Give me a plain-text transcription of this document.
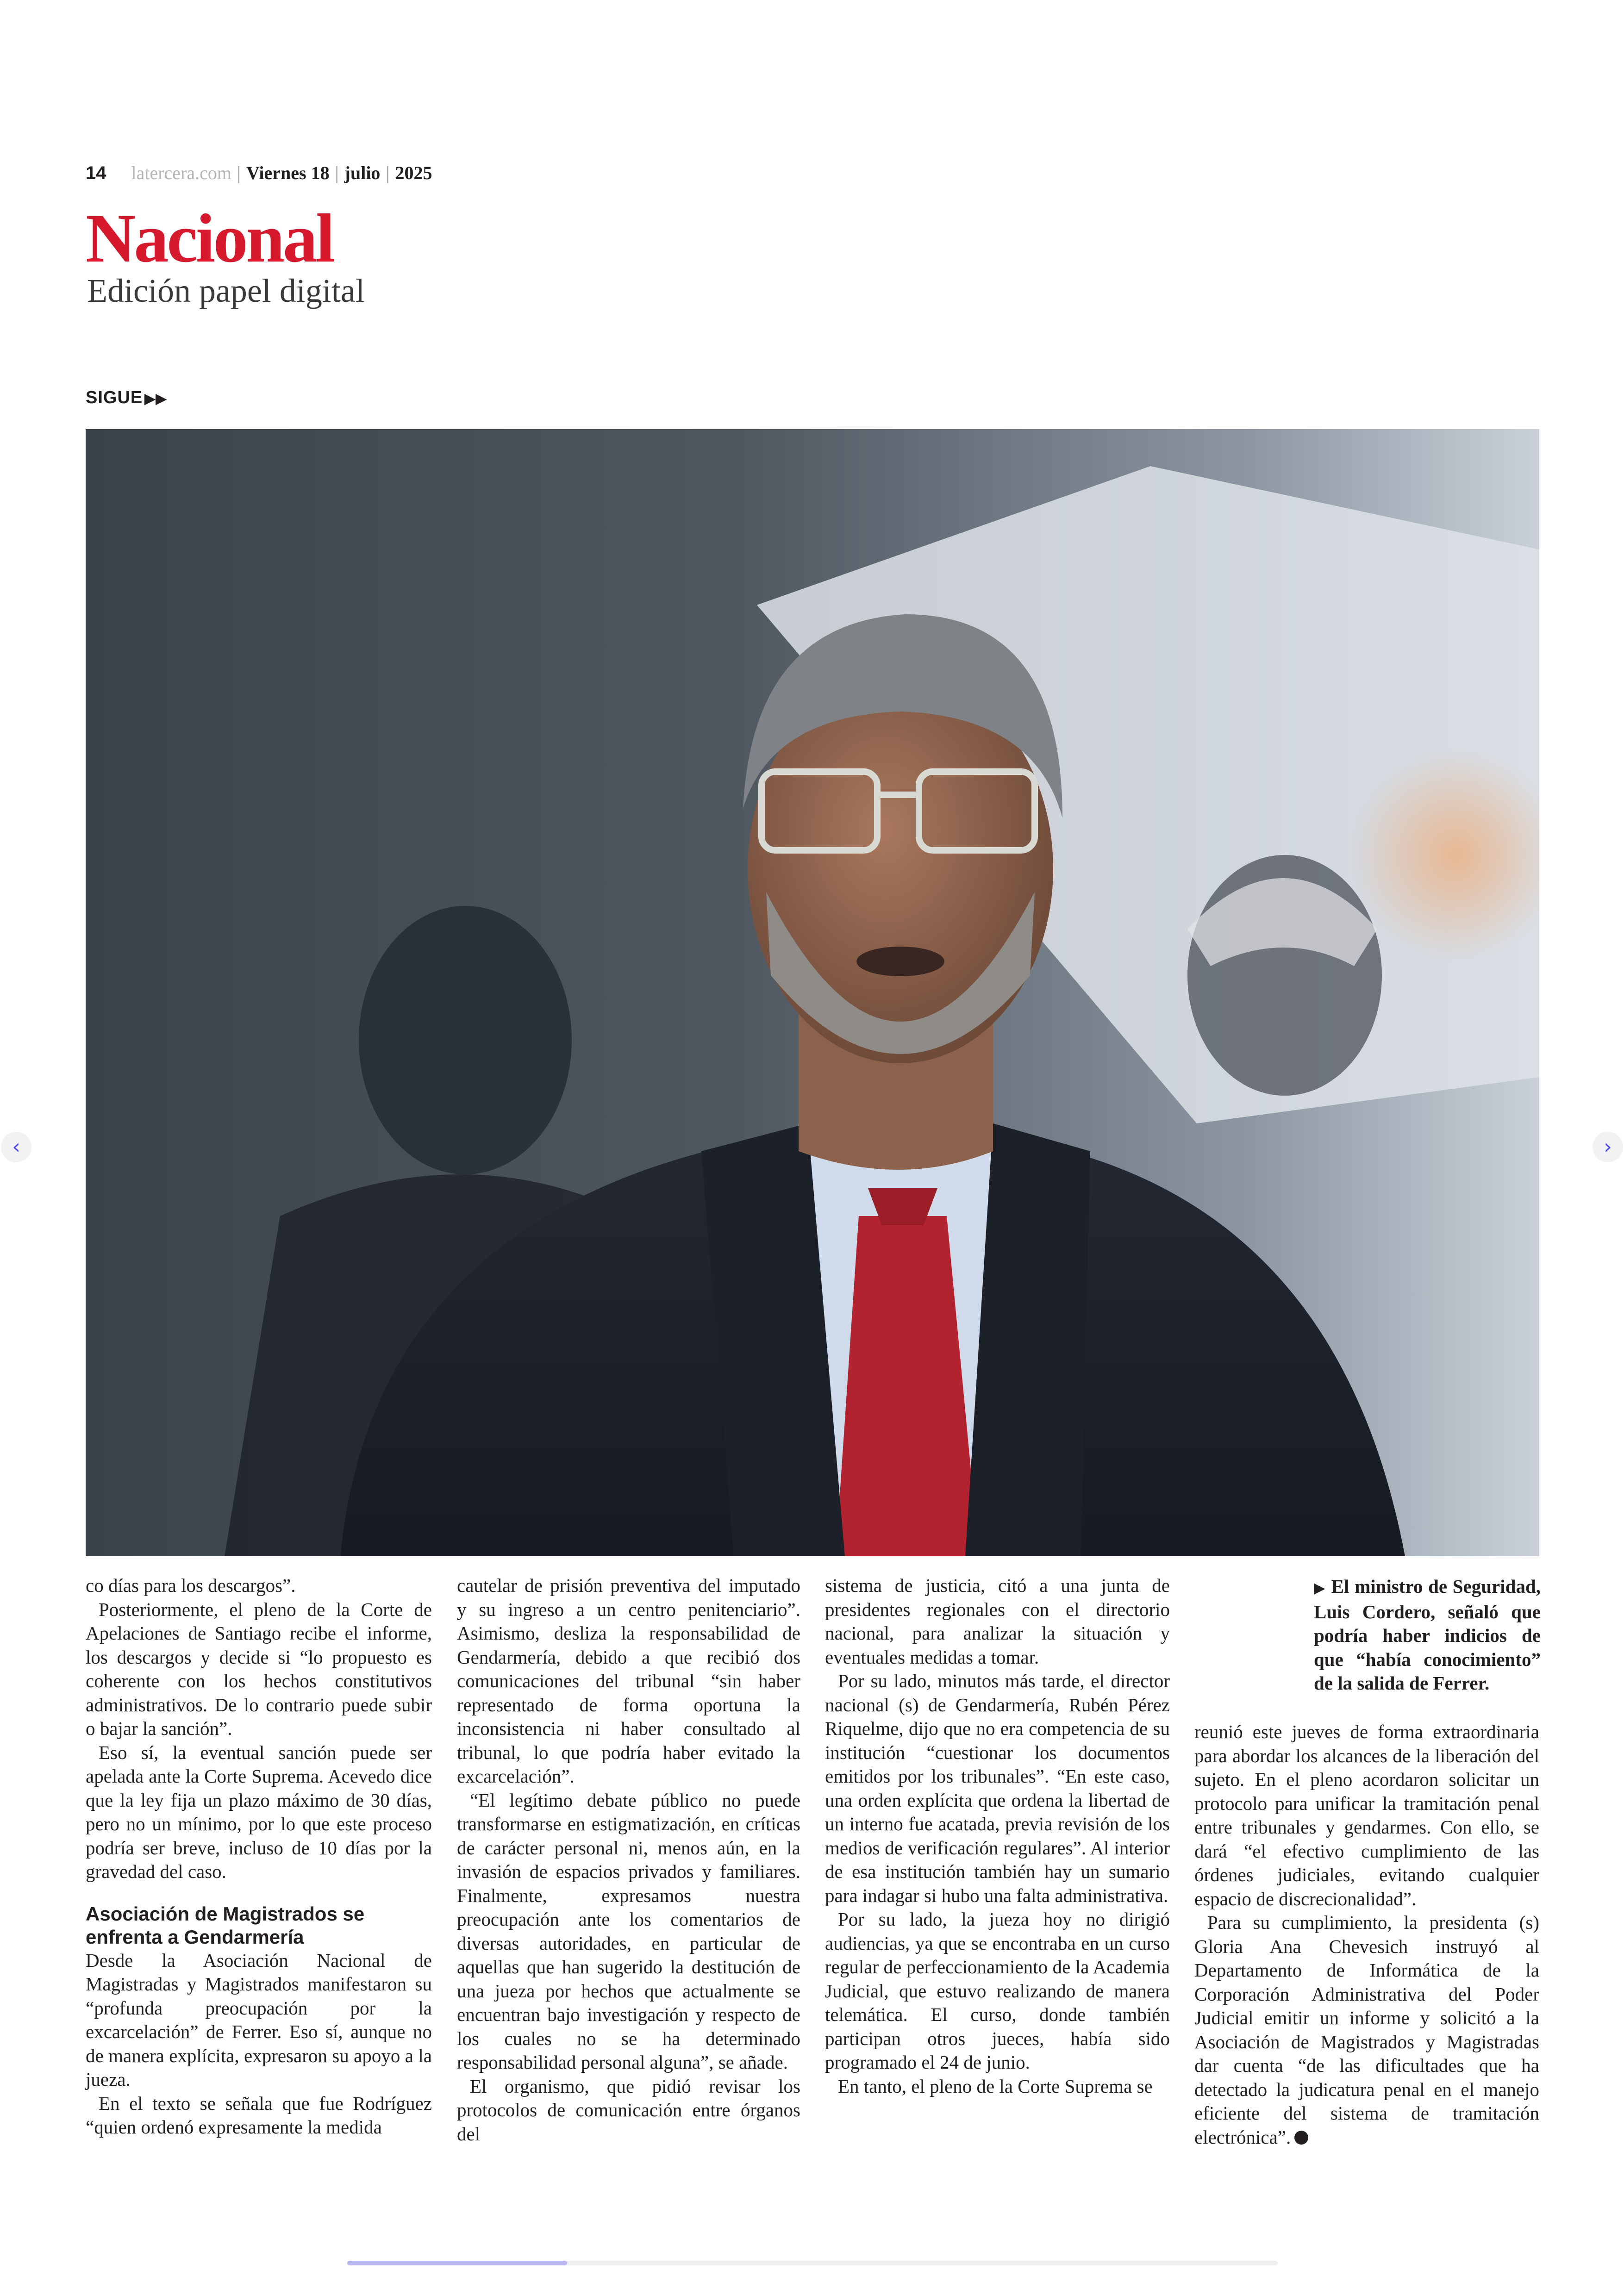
14 latercera.com | Viernes 18 | julio | 2025
Nacional
Edición papel digital
SIGUE ▶▶
‹	›

co días para los descargos”.

Posteriormente, el pleno de la Corte de Apelaciones de Santiago recibe el informe, los descargos y decide si “lo propuesto es coherente con los hechos constitutivos administrativos. De lo contrario puede subir o bajar la sanción”.

Eso sí, la eventual sanción puede ser apelada ante la Corte Suprema. Acevedo dice que la ley fija un plazo máximo de 30 días, pero no un mínimo, por lo que este proceso podría ser breve, incluso de 10 días por la gravedad del caso.

Asociación de Magistrados se enfrenta a Gendarmería

Desde la Asociación Nacional de Magistradas y Magistrados manifestaron su “profunda preocupación por la excarcelación” de Ferrer. Eso sí, aunque no de manera explícita, expresaron su apoyo a la jueza.

En el texto se señala que fue Rodríguez “quien ordenó expresamente la medida

cautelar de prisión preventiva del imputado y su ingreso a un centro penitenciario”. Asimismo, desliza la responsabilidad de Gendarmería, debido a que recibió dos comunicaciones del tribunal “sin haber representado de forma oportuna la inconsistencia ni haber consultado al tribunal, lo que podría haber evitado la excarcelación”.

“El legítimo debate público no puede transformarse en estigmatización, en críticas de carácter personal ni, menos aún, en la invasión de espacios privados y familiares. Finalmente, expresamos nuestra preocupación ante los comentarios de diversas autoridades, en particular de aquellas que han sugerido la destitución de una jueza por hechos que actualmente se encuentran bajo investigación y respecto de los cuales no se ha determinado responsabilidad personal alguna”, se añade.

El organismo, que pidió revisar los protocolos de comunicación entre órganos del

sistema de justicia, citó a una junta de presidentes regionales con el directorio nacional, para analizar la situación y eventuales medidas a tomar.

Por su lado, minutos más tarde, el director nacional (s) de Gendarmería, Rubén Pérez Riquelme, dijo que no era competencia de su institución “cuestionar los documentos emitidos por los tribunales”. “En este caso, una orden explícita que ordena la libertad de un interno fue acatada, previa revisión de los medios de verificación regulares”. Al interior de esa institución también hay un sumario para indagar si hubo una falta administrativa.

Por su lado, la jueza hoy no dirigió audiencias, ya que se encontraba en un curso regular de perfeccionamiento de la Academia Judicial, que estuvo realizando de manera telemática. El curso, donde también participan otros jueces, había sido programado el 24 de junio.

En tanto, el pleno de la Corte Suprema se

▶ El ministro de Seguridad, Luis Cordero, señaló que podría haber indicios de que “había conocimiento” de la salida de Ferrer.

reunió este jueves de forma extraordinaria para abordar los alcances de la liberación del sujeto. En el pleno acordaron solicitar un protocolo para unificar la tramitación penal entre tribunales y gendarmes. Con ello, se dará “el efectivo cumplimiento de las órdenes judiciales, evitando cualquier espacio de discrecionalidad”.

Para su cumplimiento, la presidenta (s) Gloria Ana Chevesich instruyó al Departamento de Informática de la Corporación Administrativa del Poder Judicial emitir un informe y solicitó a la Asociación de Magistrados y Magistradas dar cuenta “de las dificultades que ha detectado la judicatura penal en el manejo eficiente del sistema de tramitación electrónica”.
